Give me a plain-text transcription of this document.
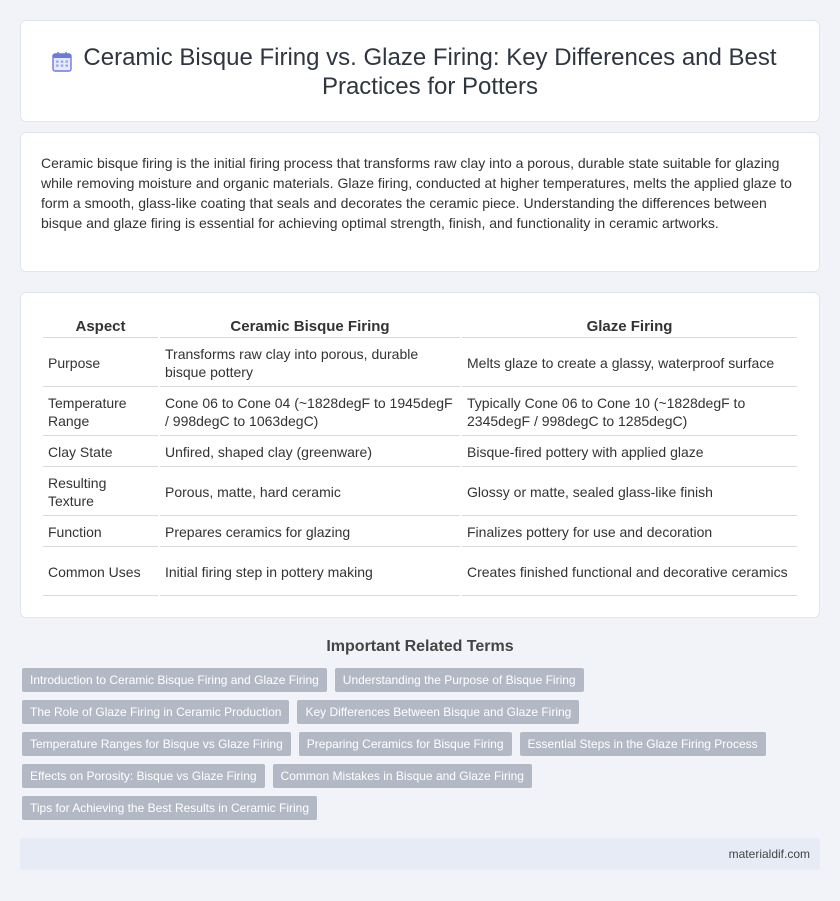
Ceramic Bisque Firing vs. Glaze Firing: Key Differences and Best Practices for Potters

Ceramic bisque firing is the initial firing process that transforms raw clay into a porous, durable state suitable for glazing while removing moisture and organic materials. Glaze firing, conducted at higher temperatures, melts the applied glaze to form a smooth, glass-like coating that seals and decorates the ceramic piece. Understanding the differences between bisque and glaze firing is essential for achieving optimal strength, finish, and functionality in ceramic artworks.

Aspect	Ceramic Bisque Firing	Glaze Firing
Purpose	Transforms raw clay into porous, durable bisque pottery	Melts glaze to create a glassy, waterproof surface
Temperature Range	Cone 06 to Cone 04 (~1828degF to 1945degF / 998degC to 1063degC)	Typically Cone 06 to Cone 10 (~1828degF to 2345degF / 998degC to 1285degC)
Clay State	Unfired, shaped clay (greenware)	Bisque-fired pottery with applied glaze
Resulting Texture	Porous, matte, hard ceramic	Glossy or matte, sealed glass-like finish
Function	Prepares ceramics for glazing	Finalizes pottery for use and decoration
Common Uses	Initial firing step in pottery making	Creates finished functional and decorative ceramics
Important Related Terms
Introduction to Ceramic Bisque Firing and Glaze Firing	Understanding the Purpose of Bisque Firing
The Role of Glaze Firing in Ceramic Production	Key Differences Between Bisque and Glaze Firing
Temperature Ranges for Bisque vs Glaze Firing	Preparing Ceramics for Bisque Firing	Essential Steps in the Glaze Firing Process
Effects on Porosity: Bisque vs Glaze Firing	Common Mistakes in Bisque and Glaze Firing
Tips for Achieving the Best Results in Ceramic Firing
materialdif.com
